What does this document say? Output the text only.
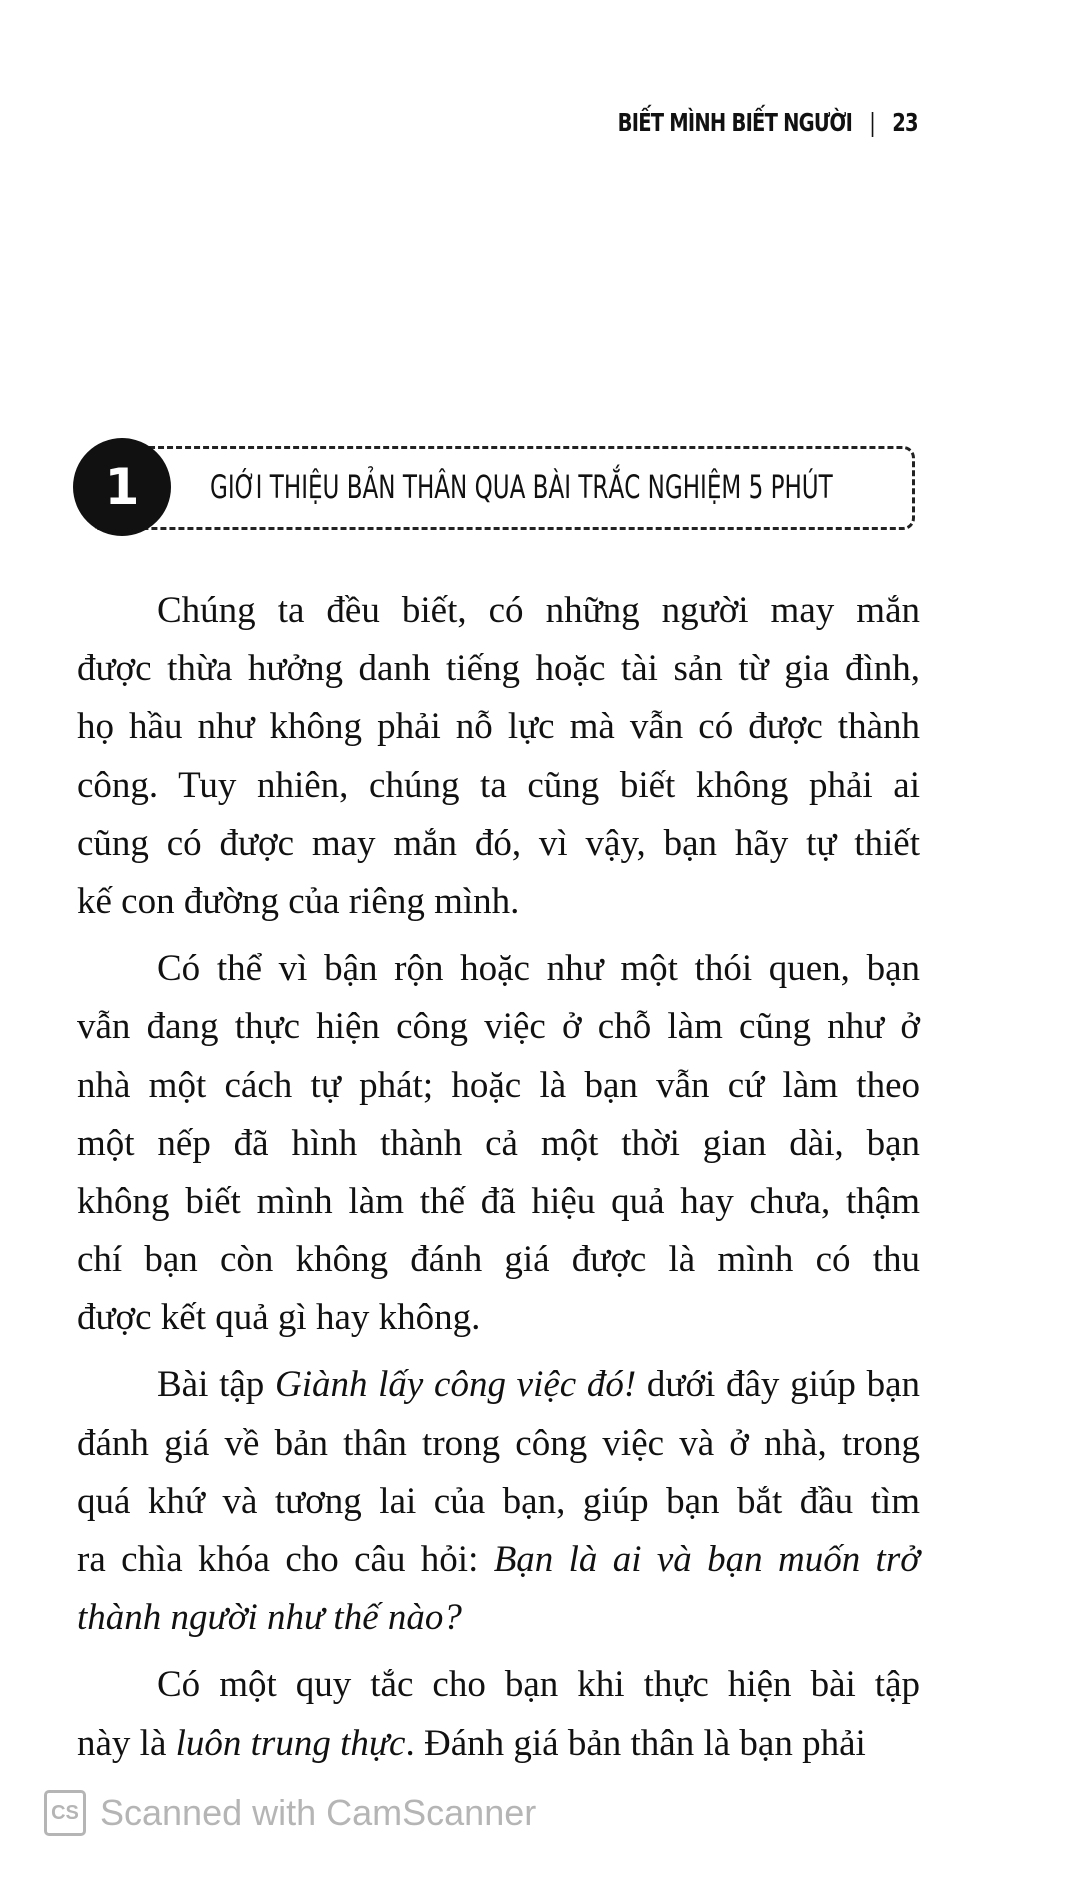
BIẾT MÌNH BIẾT NGƯỜI | 23
1	GIỚI THIỆU BẢN THÂN QUA BÀI TRẮC NGHIỆM 5 PHÚT
Chúng ta đều biết, có những người may mắn
được thừa hưởng danh tiếng hoặc tài sản từ gia đình,
họ hầu như không phải nỗ lực mà vẫn có được thành
công. Tuy nhiên, chúng ta cũng biết không phải ai
cũng có được may mắn đó, vì vậy, bạn hãy tự thiết
kế con đường của riêng mình.
Có thể vì bận rộn hoặc như một thói quen, bạn
vẫn đang thực hiện công việc ở chỗ làm cũng như ở
nhà một cách tự phát; hoặc là bạn vẫn cứ làm theo
một nếp đã hình thành cả một thời gian dài, bạn
không biết mình làm thế đã hiệu quả hay chưa, thậm
chí bạn còn không đánh giá được là mình có thu
được kết quả gì hay không.
Bài tập Giành lấy công việc đó! dưới đây giúp bạn
đánh giá về bản thân trong công việc và ở nhà, trong
quá khứ và tương lai của bạn, giúp bạn bắt đầu tìm
ra chìa khóa cho câu hỏi: Bạn là ai và bạn muốn trở
thành người như thế nào?
Có một quy tắc cho bạn khi thực hiện bài tập
này là luôn trung thực. Đánh giá bản thân là bạn phải
CS Scanned with CamScanner
